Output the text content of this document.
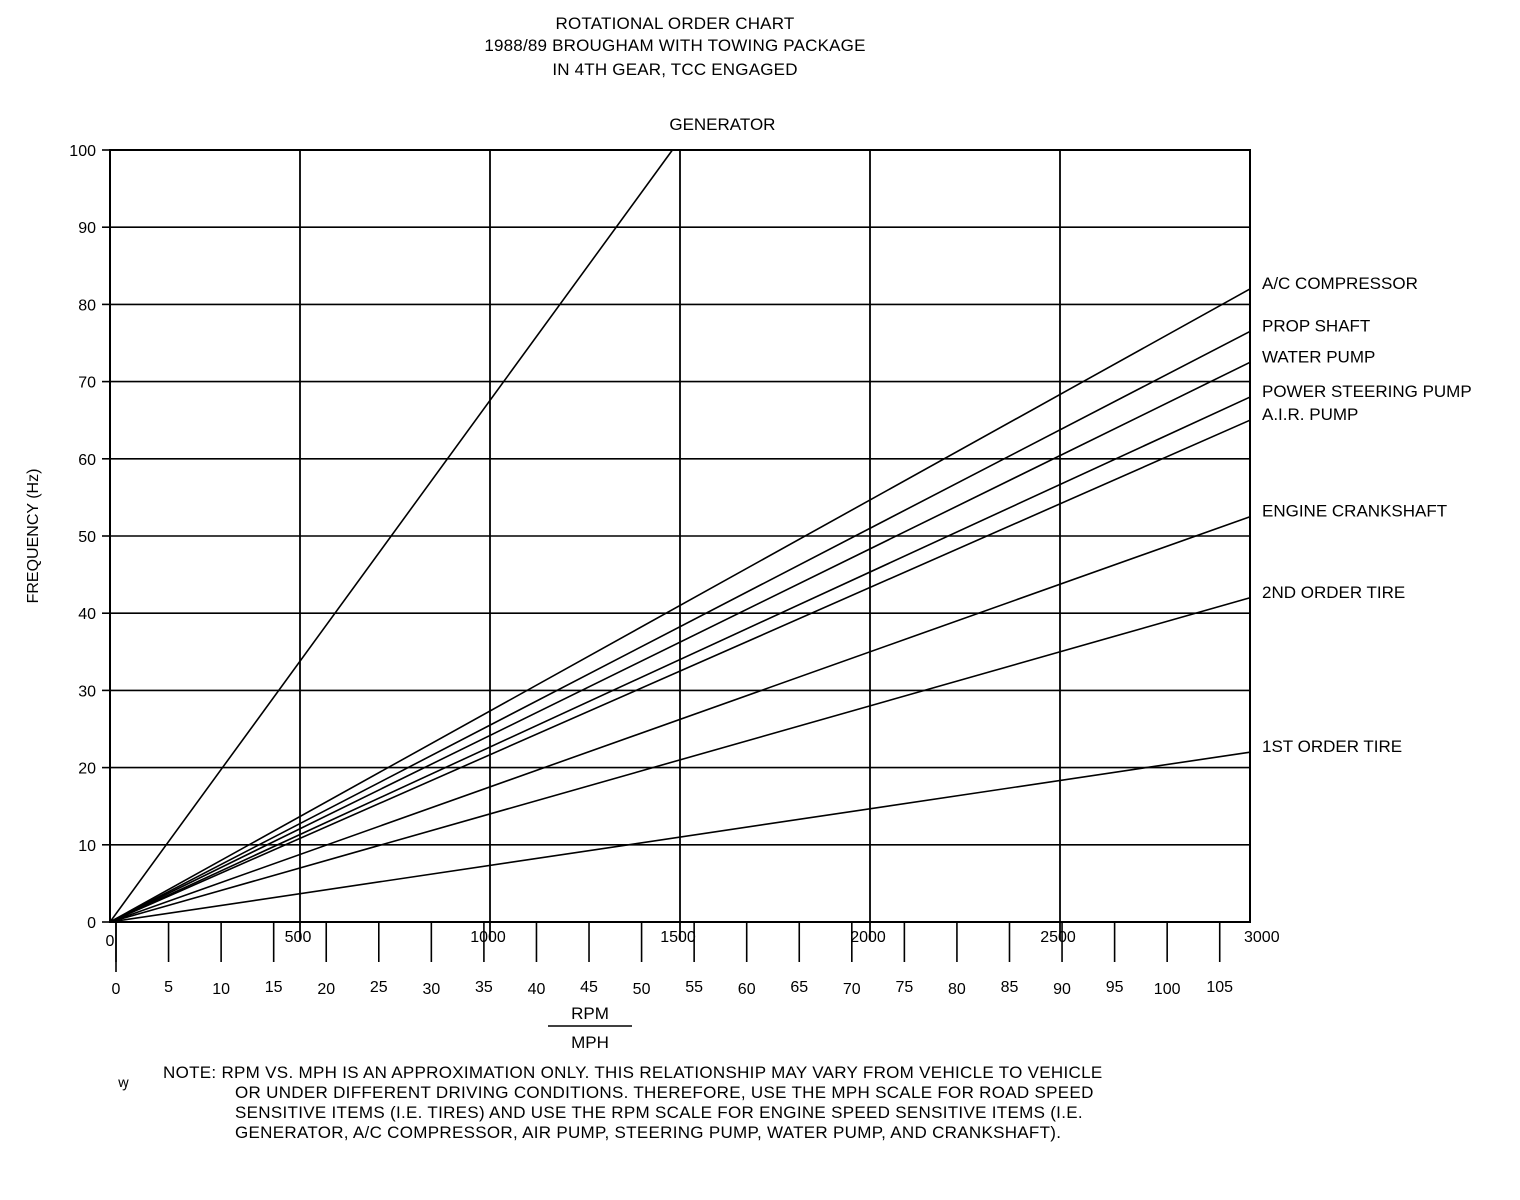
ROTATIONAL ORDER CHART
1988/89 BROUGHAM WITH TOWING PACKAGE
IN 4TH GEAR, TCC ENGAGED
0
10
20
30
40
50
60
70
80
90
100
0	500	1000	1500	2000	2500	3000
0	5 10 15 20 25 30 35 40 45 50 55 60 65 70 75 80 85 90 95 100 105
RPM
MPH
FREQUENCY (Hz)
GENERATOR
A/C COMPRESSOR
PROP SHAFT
WATER PUMP
POWER STEERING PUMP
A.I.R. PUMP
ENGINE CRANKSHAFT
2ND ORDER TIRE
1ST ORDER TIRE
ꝡ NOTE: RPM VS. MPH IS AN APPROXIMATION ONLY. THIS RELATIONSHIP MAY VARY FROM VEHICLE TO VEHICLE
OR UNDER DIFFERENT DRIVING CONDITIONS. THEREFORE, USE THE MPH SCALE FOR ROAD SPEED
SENSITIVE ITEMS (I.E. TIRES) AND USE THE RPM SCALE FOR ENGINE SPEED SENSITIVE ITEMS (I.E.
GENERATOR, A/C COMPRESSOR, AIR PUMP, STEERING PUMP, WATER PUMP, AND CRANKSHAFT).
